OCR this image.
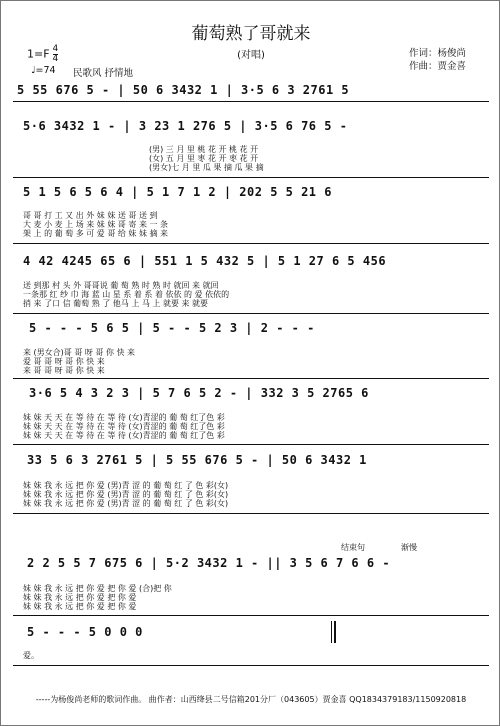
葡萄熟了哥就来
(对唱)
$1=F \frac{4}{4}$
♩=74 民歌风 抒情地
作词：杨俊尚
作曲：贾金喜
5 55 676 5 - | 50 6 3432 1 | 3·5 6 3 2761 5
5·6 3432 1 - | 3 23 1 276 5 | 3·5 6 76 5 -
(男) 三 月 里 桃 花 开 桃 花 开
(女) 五 月 里 枣 花 开 枣 花 开
(男女)七 月 里 瓜 果 摘 瓜 果 摘
5 1 5 6 5 6 4 | 5 1 7 1 2 | 202 5 5 21 6
哥 哥 打 工 又 出 外 妹 妹 送 哥 送 到
大 麦 小 麦 上 场 来 妹 妹 哥 寄 来 一 条
架 上 的 葡 萄 多 可 爱 哥 给 妹 妹 摘 来
4 42 4245 65 6 | 551 1 5 432 5 | 5 1 27 6 5 456
送 到那 村 头 外 哥哥说 葡 萄 熟 时 熟 时 就回 来 就回
一条那 红 纱 巾 海 蓝 山 星 系 着 系 着 依依 的 爱 依依的
捎 来 了口 信 葡萄 熟 了 他马 上 马 上 就要 来 就要
5 - - - 5 6 5 | 5 - - 5 2 3 | 2 - - -
来 (男女合)哥 哥 呀 哥 你 快 来
爱 哥 哥 呀 哥 你 快 来
来 哥 哥 呀 哥 你 快 来
3·6 5 4 3 2 3 | 5 7 6 5 2 - | 332 3 5 2765 6
妹 妹 天 天 在 等 待 在 等 待 (女)青涩的 葡 萄 红了色 彩
妹 妹 天 天 在 等 待 在 等 待 (女)青涩的 葡 萄 红了色 彩
妹 妹 天 天 在 等 待 在 等 待 (女)青涩的 葡 萄 红了色 彩
33 5 6 3 2761 5 | 5 55 676 5 - | 50 6 3432 1
妹 妹 我 永 远 把 你 爱 (男)青 涩 的 葡 萄 红 了 色 彩(女)
妹 妹 我 永 远 把 你 爱 (男)青 涩 的 葡 萄 红 了 色 彩(女)
妹 妹 我 永 远 把 你 爱 (男)青 涩 的 葡 萄 红 了 色 彩(女)
结束句	渐慢
2 2 5 5 7 675 6 | 5·2 3432 1 - || 3 5 6 7 6 6 -
妹 妹 我 永 远 把 你 爱 把 你 爱 (合)把 你
妹 妹 我 永 远 把 你 爱 把 你 爱
妹 妹 我 永 远 把 你 爱 把 你 爱
5 - - - 5 0 0 0
爱。
-----为杨俊尚老师的歌词作曲。 曲作者：山西绛县二号信箱201分厂（043605）贾金喜 QQ1834379183/1150920818
